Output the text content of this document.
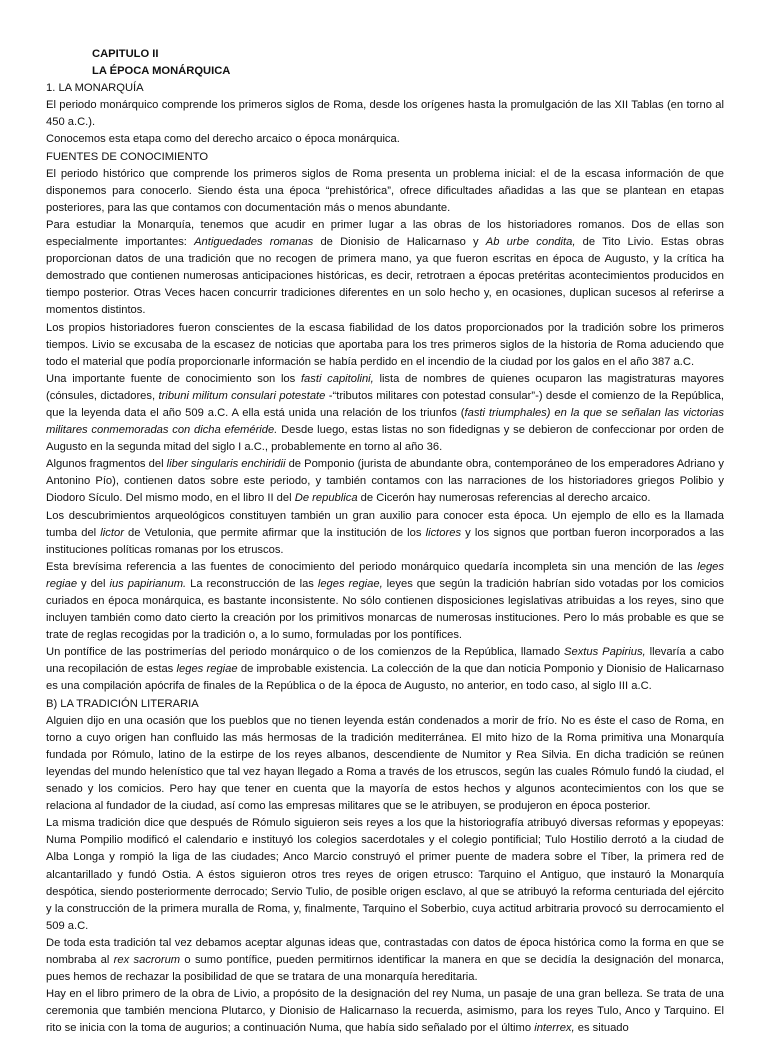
CAPITULO II
LA ÉPOCA MONÁRQUICA
1. LA MONARQUÍA

El periodo monárquico comprende los primeros siglos de Roma, desde los orígenes hasta la promulgación de las XII Tablas (en torno al 450 a.C.).

Conocemos esta etapa como del derecho arcaico o época monárquica.

FUENTES DE CONOCIMIENTO

El periodo histórico que comprende los primeros siglos de Roma presenta un problema inicial: el de la escasa información de que disponemos para conocerlo. Siendo ésta una época “prehistórica”, ofrece dificultades añadidas a las que se plantean en etapas posteriores, para las que contamos con documentación más o menos abundante.

Para estudiar la Monarquía, tenemos que acudir en primer lugar a las obras de los historiadores romanos. Dos de ellas son especialmente importantes: Antiguedades romanas de Dionisio de Halicarnaso y Ab urbe condita, de Tito Livio. Estas obras proporcionan datos de una tradición que no recogen de primera mano, ya que fueron escritas en época de Augusto, y la crítica ha demostrado que contienen numerosas anticipaciones históricas, es decir, retrotraen a épocas pretéritas acontecimientos producidos en tiempo posterior. Otras Veces hacen concurrir tradiciones diferentes en un solo hecho y, en ocasiones, duplican sucesos al referirse a momentos distintos.

Los propios historiadores fueron conscientes de la escasa fiabilidad de los datos proporcionados por la tradición sobre los primeros tiempos. Livio se excusaba de la escasez de noticias que aportaba para los tres primeros siglos de la historia de Roma aduciendo que todo el material que podía proporcionarle información se había perdido en el incendio de la ciudad por los galos en el año 387 a.C.

Una importante fuente de conocimiento son los fasti capitolini, lista de nombres de quienes ocuparon las magistraturas mayores (cónsules, dictadores, tribuni militum consulari potestate -“tributos militares con potestad consular”-) desde el comienzo de la República, que la leyenda data el año 509 a.C. A ella está unida una relación de los triunfos (fasti triumphales) en la que se señalan las victorias militares conmemoradas con dicha efeméride. Desde luego, estas listas no son fidedignas y se debieron de confeccionar por orden de Augusto en la segunda mitad del siglo I a.C., probablemente en torno al año 36.

Algunos fragmentos del liber singularis enchiridii de Pomponio (jurista de abundante obra, contemporáneo de los emperadores Adriano y Antonino Pío), contienen datos sobre este periodo, y también contamos con las narraciones de los historiadores griegos Polibio y Diodoro Sículo. Del mismo modo, en el libro II del De republica de Cicerón hay numerosas referencias al derecho arcaico.

Los descubrimientos arqueológicos constituyen también un gran auxilio para conocer esta época. Un ejemplo de ello es la llamada tumba del lictor de Vetulonia, que permite afirmar que la institución de los lictores y los signos que portban fueron incorporados a las instituciones políticas romanas por los etruscos.

Esta brevísima referencia a las fuentes de conocimiento del periodo monárquico quedaría incompleta sin una mención de las leges regiae y del ius papirianum. La reconstrucción de las leges regiae, leyes que según la tradición habrían sido votadas por los comicios curiados en época monárquica, es bastante inconsistente. No sólo contienen disposiciones legislativas atribuidas a los reyes, sino que incluyen también como dato cierto la creación por los primitivos monarcas de numerosas instituciones. Pero lo más probable es que se trate de reglas recogidas por la tradición o, a lo sumo, formuladas por los pontífices.

Un pontífice de las postrimerías del periodo monárquico o de los comienzos de la República, llamado Sextus Papirius, llevaría a cabo una recopilación de estas leges regiae de improbable existencia. La colección de la que dan noticia Pomponio y Dionisio de Halicarnaso es una compilación apócrifa de finales de la República o de la época de Augusto, no anterior, en todo caso, al siglo III a.C.

B) LA TRADICIÓN LITERARIA

Alguien dijo en una ocasión que los pueblos que no tienen leyenda están condenados a morir de frío. No es éste el caso de Roma, en torno a cuyo origen han confluido las más hermosas de la tradición mediterránea. El mito hizo de la Roma primitiva una Monarquía fundada por Rómulo, latino de la estirpe de los reyes albanos, descendiente de Numitor y Rea Silvia. En dicha tradición se reúnen leyendas del mundo helenístico que tal vez hayan llegado a Roma a través de los etruscos, según las cuales Rómulo fundó la ciudad, el senado y los comicios. Pero hay que tener en cuenta que la mayoría de estos hechos y algunos acontecimientos con los que se relaciona al fundador de la ciudad, así como las empresas militares que se le atribuyen, se produjeron en época posterior.

La misma tradición dice que después de Rómulo siguieron seis reyes a los que la historiografía atribuyó diversas reformas y epopeyas: Numa Pompilio modificó el calendario e instituyó los colegios sacerdotales y el colegio pontificial; Tulo Hostilio derrotó a la ciudad de Alba Longa y rompió la liga de las ciudades; Anco Marcio construyó el primer puente de madera sobre el Tíber, la primera red de alcantarillado y fundó Ostia. A éstos siguieron otros tres reyes de origen etrusco: Tarquino el Antiguo, que instauró la Monarquía despótica, siendo posteriormente derrocado; Servio Tulio, de posible origen esclavo, al que se atribuyó la reforma centuriada del ejército y la construcción de la primera muralla de Roma, y, finalmente, Tarquino el Soberbio, cuya actitud arbitraria provocó su derrocamiento el 509 a.C.

De toda esta tradición tal vez debamos aceptar algunas ideas que, contrastadas con datos de época histórica como la forma en que se nombraba al rex sacrorum o sumo pontífice, pueden permitirnos identificar la manera en que se decidía la designación del monarca, pues hemos de rechazar la posibilidad de que se tratara de una monarquía hereditaria.

Hay en el libro primero de la obra de Livio, a propósito de la designación del rey Numa, un pasaje de una gran belleza. Se trata de una ceremonia que también menciona Plutarco, y Dionisio de Halicarnaso la recuerda, asimismo, para los reyes Tulo, Anco y Tarquino. El rito se inicia con la toma de augurios; a continuación Numa, que había sido señalado por el último interrex, es situado
